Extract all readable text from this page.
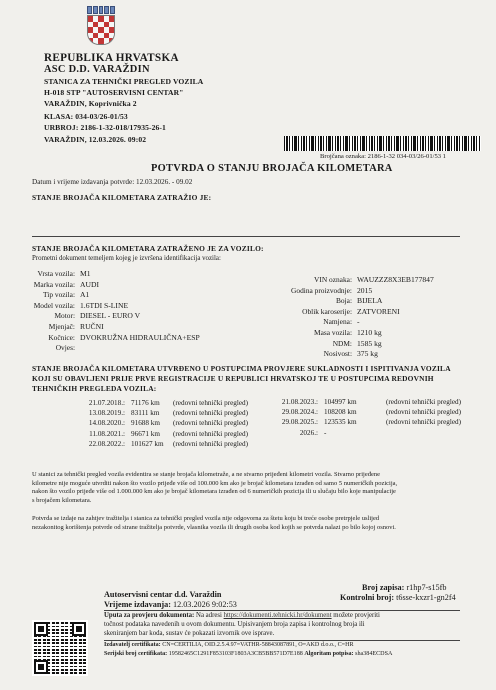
REPUBLIKA HRVATSKA
ASC D.D. VARAŽDIN
STANICA ZA TEHNIČKI PREGLED VOZILA
H-018 STP "AUTOSERVISNI CENTAR"
VARAŽDIN, Koprivnička 2
KLASA: 034-03/26-01/53
URBROJ: 2186-1-32-018/17935-26-1
VARAŽDIN, 12.03.2026. 09:02
Brojčana oznaka: 2186-1-32 034-03/26-01/53 1
POTVRDA O STANJU BROJAČA KILOMETARA
Datum i vrijeme izdavanja potvrde: 12.03.2026. - 09.02
STANJE BROJAČA KILOMETARA ZATRAŽIO JE:
STANJE BROJAČA KILOMETARA ZATRAŽENO JE ZA VOZILO:
Prometni dokument temeljem kojeg je izvršena identifikacija vozila:
Vrsta vozila: M1
Marka vozila: AUDI
Tip vozila: A1
Model vozila: 1.6TDI S-LINE
Motor: DIESEL - EURO V
Mjenjač: RUČNI
Kočnice: DVOKRUŽNA HIDRAULIČNA+ESP
Ovjes:
VIN oznaka: WAUZZZ8X3EB177847
Godina proizvodnje: 2015
Boja: BIJELA
Oblik karoserije: ZATVORENI
Namjena: -
Masa vozila: 1210 kg
NDM: 1585 kg
Nosivost: 375 kg
STANJE BROJAČA KILOMETARA UTVRĐENO U POSTUPCIMA PROVJERE SUKLADNOSTI I ISPITIVANJA VOZILA
KOJI SU OBAVLJENI PRIJE PRVE REGISTRACIJE U REPUBLICI HRVATSKOJ TE U POSTUPCIMA REDOVNIH
TEHNIČKIH PREGLEDA VOZILA:
21.07.2018.: 71176 km (redovni tehnički pregled)
13.08.2019.: 83111 km (redovni tehnički pregled)
14.08.2020.: 91688 km (redovni tehnički pregled)
11.08.2021.: 96671 km (redovni tehnički pregled)
22.08.2022.: 101627 km (redovni tehnički pregled)
21.08.2023.: 104997 km	(redovni tehnički pregled)
29.08.2024.: 108208 km	(redovni tehnički pregled)
29.08.2025.: 123535 km	(redovni tehnički pregled)
2026.: -
U stanici za tehnički pregled vozila evidentira se stanje brojača kilometraže, a ne stvarno prijeđeni kilometri vozila. Stvarno prijeđene
kilometre nije moguće utvrditi nakon što vozilo prijeđe više od 100.000 km ako je brojač kilometara izrađen od samo 5 numeričkih pozicija,
nakon što vozilo prijeđe više od 1.000.000 km ako je brojač kilometara izrađen od 6 numeričkih pozicija ili u slučaju bilo koje manipulacije
s brojačem kilometara.
Potvrda se izdaje na zahtjev tražitelja i stanica za tehnički pregled vozila nije odgovorna za štetu koju bi treće osobe pretrpjele uslijed
nezakonitog korištenja potvrde od strane tražitelja potvrde, vlasnika vozila ili drugih osoba kod kojih se potvrda nalazi po bilo kojoj osnovi.
Autoservisni centar d.d. Varaždin
Vrijeme izdavanja: 12.03.2026 9:02:53
Broj zapisa: r1hp7-s15fb
Kontrolni broj: t6sse-kxzr1-gn2f4
Uputa za provjeru dokumenta: Na adresi https://dokumenti.tehnicki.hr/dokument možete provjeriti
točnost podataka navedenih u ovom dokumentu. Upisivanjem broja zapisa i kontrolnog broja ili
skeniranjem bar koda, sustav će pokazati izvornik ove isprave.
Izdavatelj certifikata: CN=CERTILIA, OID.2.5.4.97=VATHR-58843087891, O=AKD d.o.o., C=HR
Serijski broj certifikata: 19582465C1291F853103F1803A3CB5BB571D7E188 Algoritam potpisa: sha384ECDSA
